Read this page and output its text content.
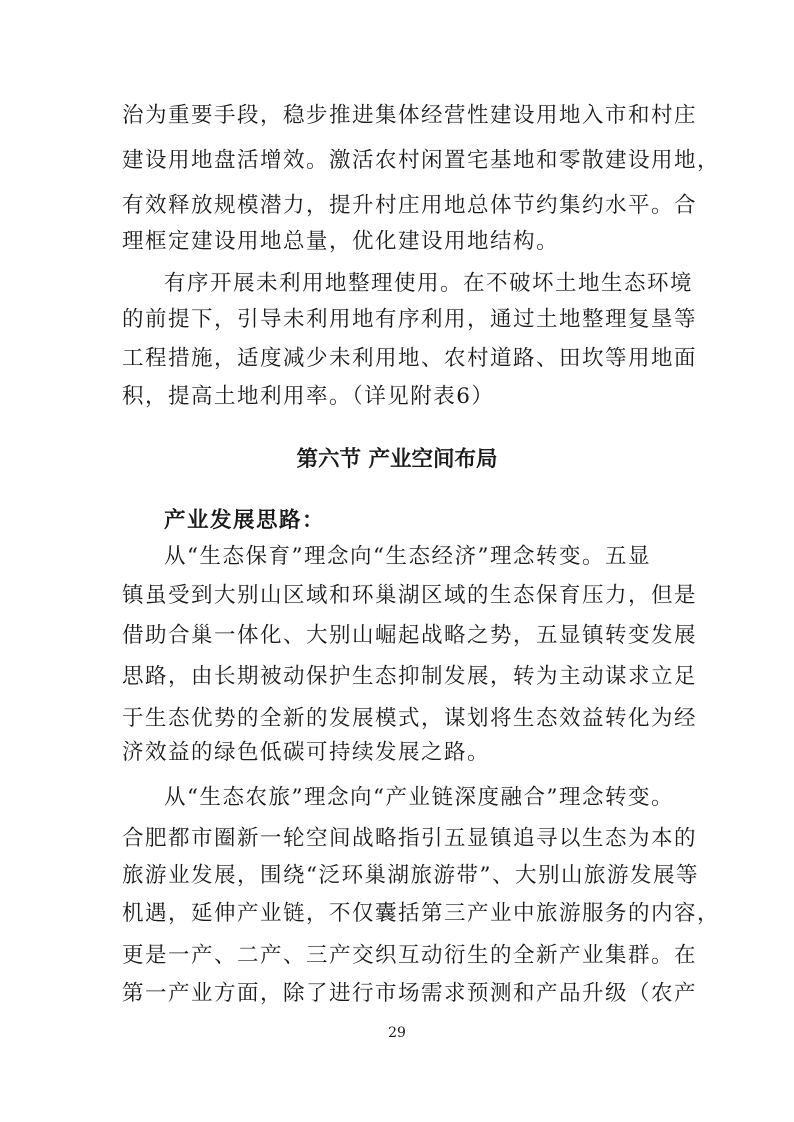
治为重要手段，稳步推进集体经营性建设用地入市和村庄
建设用地盘活增效。激活农村闲置宅基地和零散建设用地，
有效释放规模潜力，提升村庄用地总体节约集约水平。合
理框定建设用地总量，优化建设用地结构。
有序开展未利用地整理使用。在不破坏土地生态环境
的前提下，引导未利用地有序利用，通过土地整理复垦等
工程措施，适度减少未利用地、农村道路、田坎等用地面
积，提高土地利用率。（详见附表6）
第六节 产业空间布局
产业发展思路：
从“生态保育”理念向“生态经济”理念转变。五显
镇虽受到大别山区域和环巢湖区域的生态保育压力，但是
借助合巢一体化、大别山崛起战略之势，五显镇转变发展
思路，由长期被动保护生态抑制发展，转为主动谋求立足
于生态优势的全新的发展模式，谋划将生态效益转化为经
济效益的绿色低碳可持续发展之路。
从“生态农旅”理念向“产业链深度融合”理念转变。
合肥都市圈新一轮空间战略指引五显镇追寻以生态为本的
旅游业发展，围绕“泛环巢湖旅游带”、大别山旅游发展等
机遇，延伸产业链，不仅囊括第三产业中旅游服务的内容，
更是一产、二产、三产交织互动衍生的全新产业集群。在
第一产业方面，除了进行市场需求预测和产品升级（农产
29
